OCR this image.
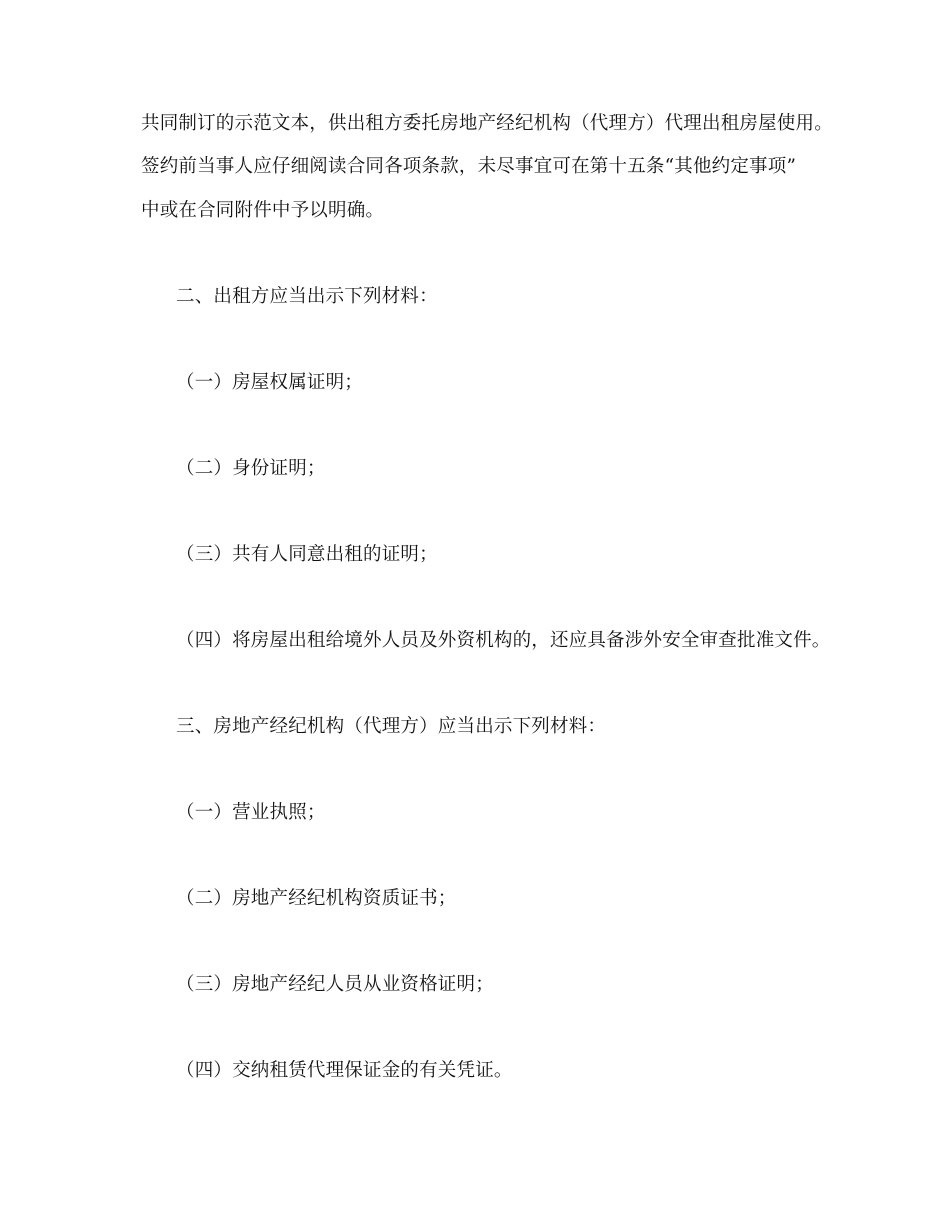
共同制订的示范文本，供出租方委托房地产经纪机构（代理方）代理出租房屋使用。
签约前当事人应仔细阅读合同各项条款，未尽事宜可在第十五条“其他约定事项”
中或在合同附件中予以明确。
二、出租方应当出示下列材料：
（一）房屋权属证明；
（二）身份证明；
（三）共有人同意出租的证明；
（四）将房屋出租给境外人员及外资机构的，还应具备涉外安全审查批准文件。
三、房地产经纪机构（代理方）应当出示下列材料：
（一）营业执照；
（二）房地产经纪机构资质证书；
（三）房地产经纪人员从业资格证明；
（四）交纳租赁代理保证金的有关凭证。
